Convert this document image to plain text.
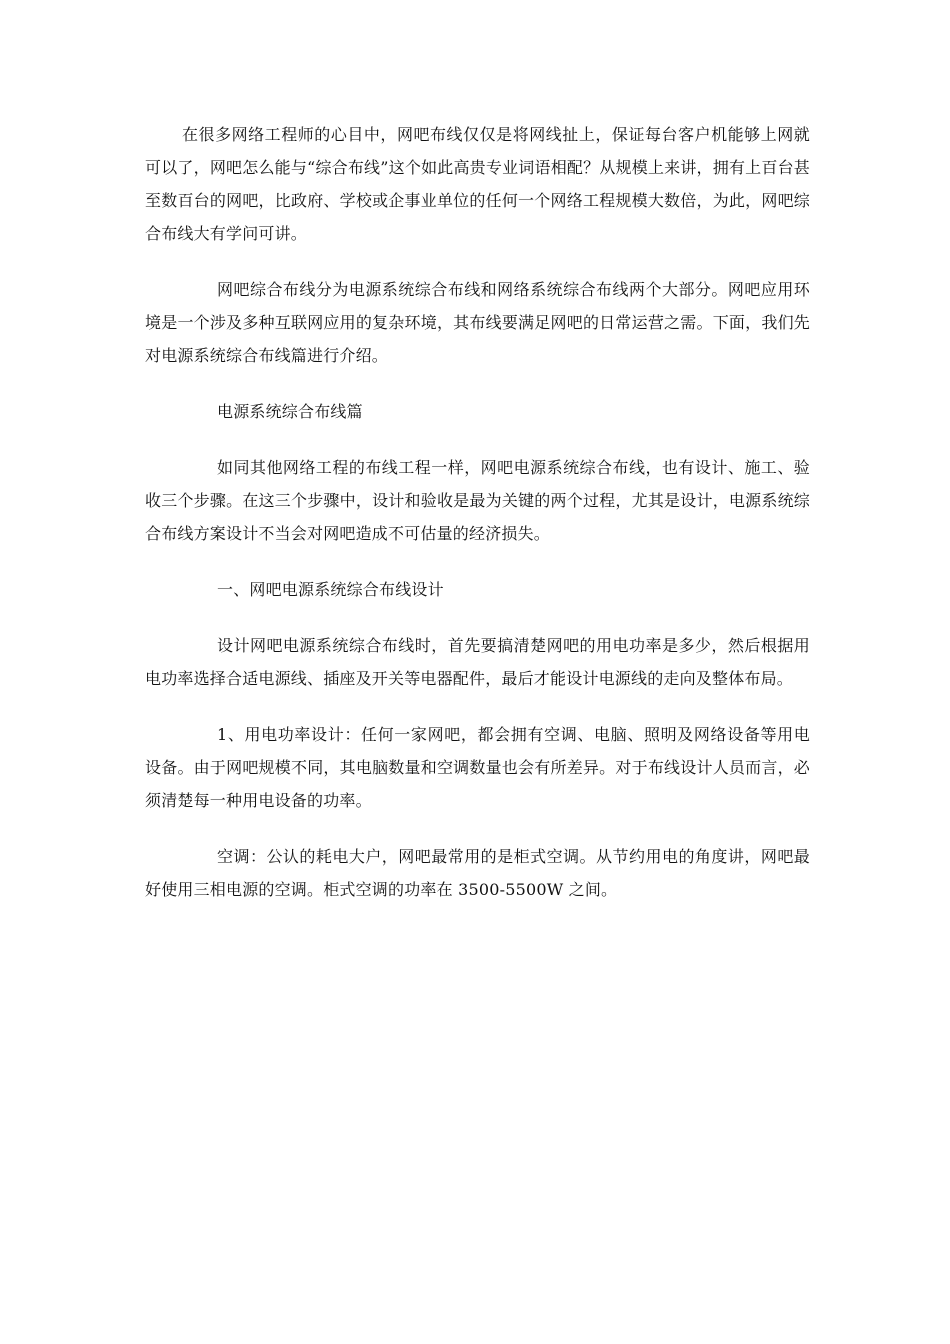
在很多网络工程师的心目中，网吧布线仅仅是将网线扯上，保证每台客户机能够上网就可以了，网吧怎么能与“综合布线”这个如此高贵专业词语相配？从规模上来讲，拥有上百台甚至数百台的网吧，比政府、学校或企事业单位的任何一个网络工程规模大数倍，为此，网吧综合布线大有学问可讲。

网吧综合布线分为电源系统综合布线和网络系统综合布线两个大部分。网吧应用环境是一个涉及多种互联网应用的复杂环境，其布线要满足网吧的日常运营之需。下面，我们先对电源系统综合布线篇进行介绍。

电源系统综合布线篇

如同其他网络工程的布线工程一样，网吧电源系统综合布线，也有设计、施工、验收三个步骤。在这三个步骤中，设计和验收是最为关键的两个过程，尤其是设计，电源系统综合布线方案设计不当会对网吧造成不可估量的经济损失。

一、网吧电源系统综合布线设计

设计网吧电源系统综合布线时，首先要搞清楚网吧的用电功率是多少，然后根据用电功率选择合适电源线、插座及开关等电器配件，最后才能设计电源线的走向及整体布局。

1、用电功率设计：任何一家网吧，都会拥有空调、电脑、照明及网络设备等用电设备。由于网吧规模不同，其电脑数量和空调数量也会有所差异。对于布线设计人员而言，必须清楚每一种用电设备的功率。

空调：公认的耗电大户，网吧最常用的是柜式空调。从节约用电的角度讲，网吧最好使用三相电源的空调。柜式空调的功率在 3500-5500W 之间。
